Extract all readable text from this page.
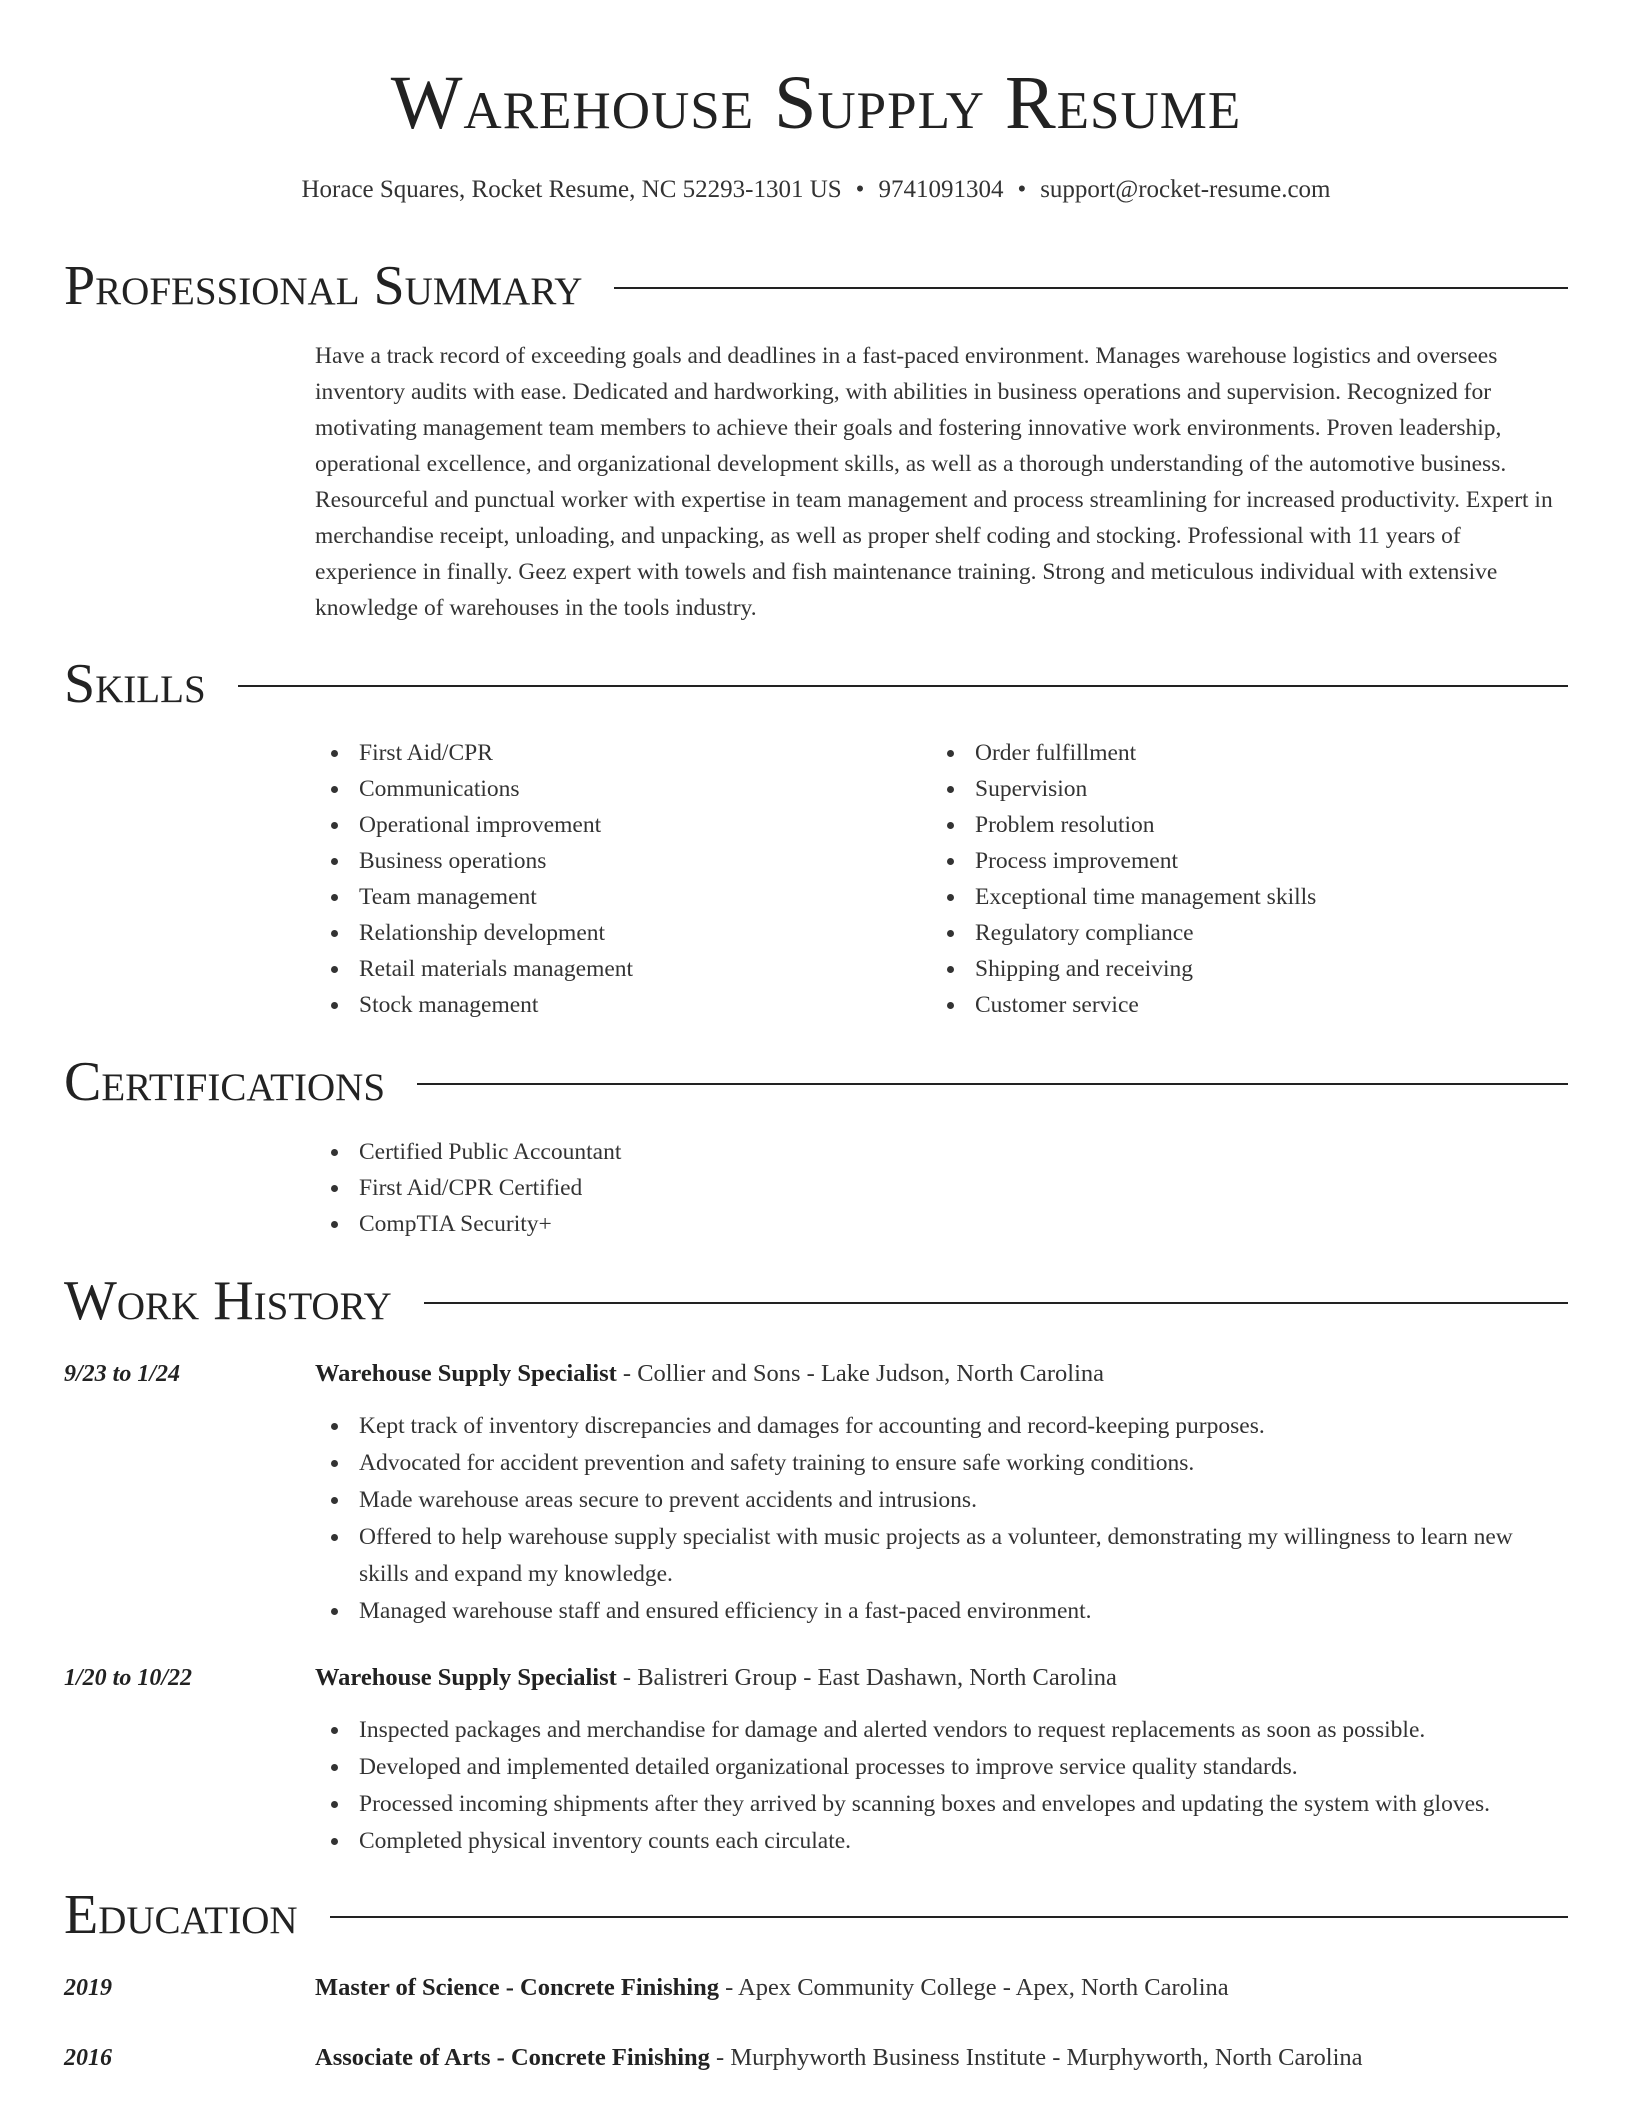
Warehouse Supply Resume
Horace Squares, Rocket Resume, NC 52293-1301 US • 9741091304 • support@rocket-resume.com
Professional Summary
Have a track record of exceeding goals and deadlines in a fast-paced environment. Manages warehouse logistics and oversees inventory audits with ease. Dedicated and hardworking, with abilities in business operations and supervision. Recognized for motivating management team members to achieve their goals and fostering innovative work environments. Proven leadership, operational excellence, and organizational development skills, as well as a thorough understanding of the automotive business. Resourceful and punctual worker with expertise in team management and process streamlining for increased productivity. Expert in merchandise receipt, unloading, and unpacking, as well as proper shelf coding and stocking. Professional with 11 years of experience in finally. Geez expert with towels and fish maintenance training. Strong and meticulous individual with extensive knowledge of warehouses in the tools industry.
Skills
First Aid/CPR
Communications
Operational improvement
Business operations
Team management
Relationship development
Retail materials management
Stock management
Order fulfillment
Supervision
Problem resolution
Process improvement
Exceptional time management skills
Regulatory compliance
Shipping and receiving
Customer service
Certifications
Certified Public Accountant
First Aid/CPR Certified
CompTIA Security+
Work History
9/23 to 1/24	Warehouse Supply Specialist - Collier and Sons - Lake Judson, North Carolina
Kept track of inventory discrepancies and damages for accounting and record-keeping purposes.
Advocated for accident prevention and safety training to ensure safe working conditions.
Made warehouse areas secure to prevent accidents and intrusions.
Offered to help warehouse supply specialist with music projects as a volunteer, demonstrating my willingness to learn new skills and expand my knowledge.
Managed warehouse staff and ensured efficiency in a fast-paced environment.
1/20 to 10/22	Warehouse Supply Specialist - Balistreri Group - East Dashawn, North Carolina
Inspected packages and merchandise for damage and alerted vendors to request replacements as soon as possible.
Developed and implemented detailed organizational processes to improve service quality standards.
Processed incoming shipments after they arrived by scanning boxes and envelopes and updating the system with gloves.
Completed physical inventory counts each circulate.
Education
2019	Master of Science - Concrete Finishing - Apex Community College - Apex, North Carolina
2016	Associate of Arts - Concrete Finishing - Murphyworth Business Institute - Murphyworth, North Carolina
